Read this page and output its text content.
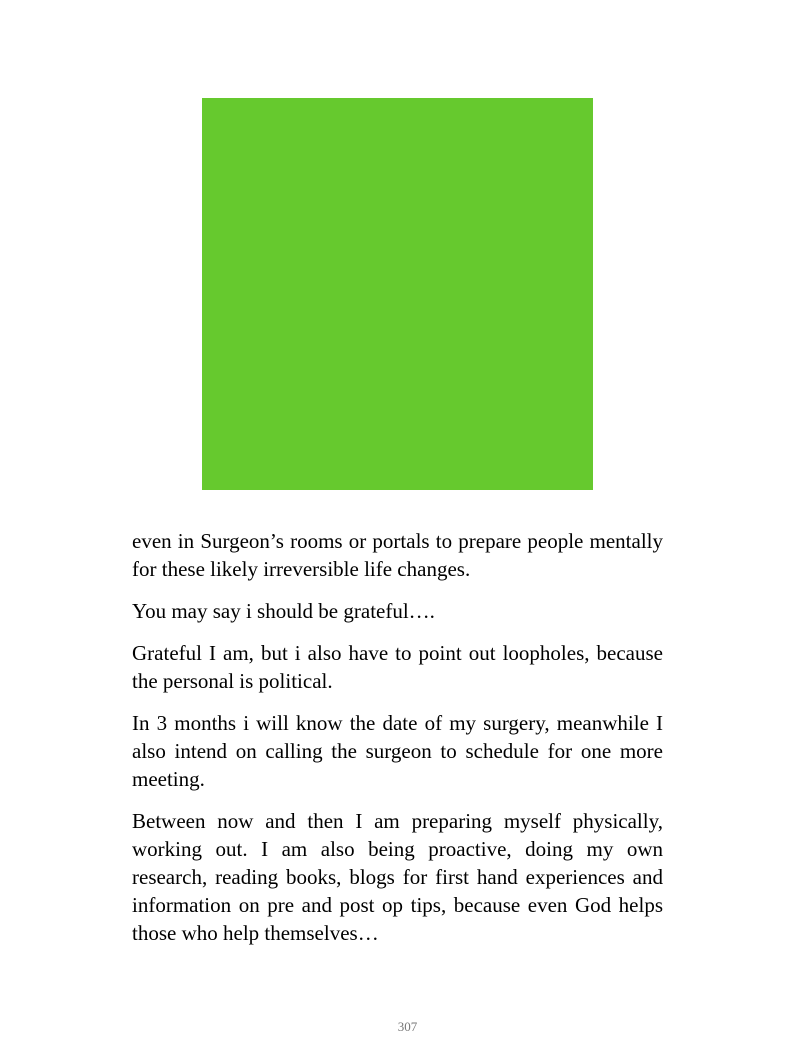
even in Surgeon’s rooms or portals to prepare people mentally for these likely irreversible life changes.

You may say i should be grateful….

Grateful I am, but i also have to point out loopholes, because the personal is political.

In 3 months i will know the date of my surgery, meanwhile I also intend on calling the surgeon to schedule for one more meeting.

Between now and then I am preparing myself physically, working out. I am also being proactive, doing my own research, reading books, blogs for first hand experiences and information on pre and post op tips, because even God helps those who help themselves…

307
